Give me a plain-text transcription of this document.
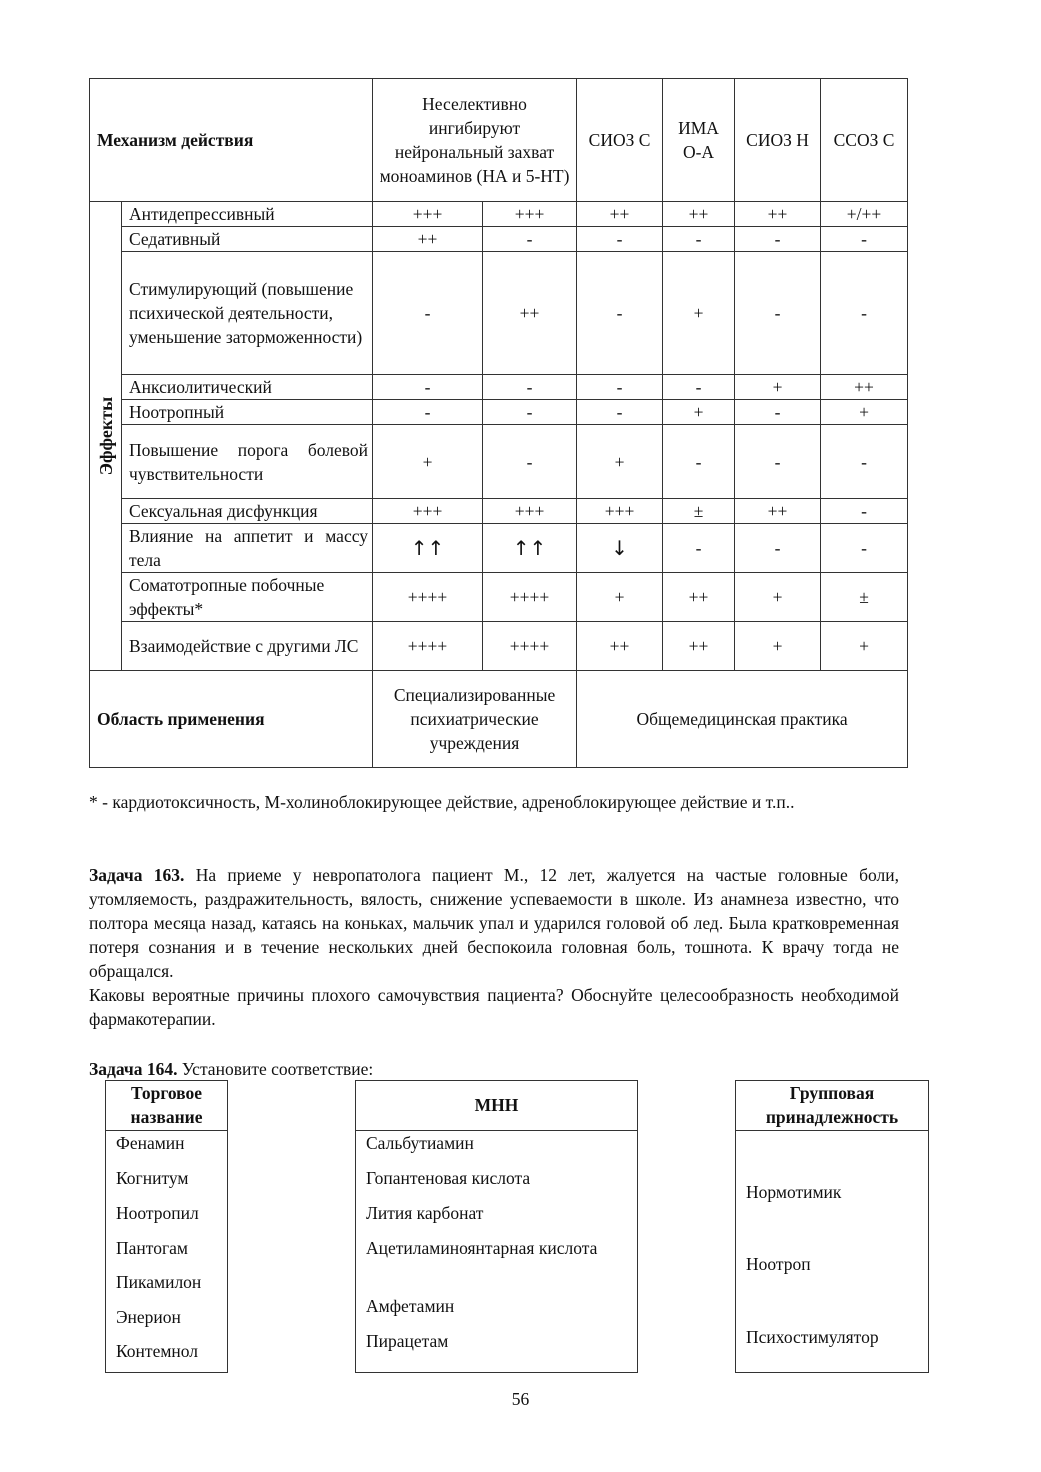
Механизм действия		Неселективно ингибируют нейрональный захват моноаминов (НА и 5-НТ)		СИОЗ С	ИМА О-А	СИОЗ Н	ССОЗ С

Эффекты	Антидепрессивный	+++	+++	++	++	++	+/++
	Седативный	++	-	-	-	-	-
	Стимулирующий (повышение психической деятельности, уменьшение заторможенности)	-	++	-	+	-	-
	Анксиолитический	-	-	-	-	+	++
	Ноотропный	-	-	-	+	-	+
	Повышение порога болевой чувствительности	+	-	+	-	-	-
	Сексуальная дисфункция	+++	+++	+++	±	++	-
	Влияние на аппетит и массу тела	↑↑	↑↑	↓	-	-	-
	Соматотропные побочные эффекты*	++++	++++	+	++	+	±
	Взаимодействие с другими ЛС	++++	++++	++	++	+	+
Область применения		Специализированные психиатрические учреждения		Общемедицинская практика			
* - кардиотоксичность, М-холиноблокирующее действие, адреноблокирующее действие и т.п..

Задача 163. На приеме у невропатолога пациент М., 12 лет, жалуется на частые головные боли, утомляемость, раздражительность, вялость, снижение успеваемости в школе. Из анамнеза известно, что полтора месяца назад, катаясь на коньках, мальчик упал и ударился головой об лед. Была кратковременная потеря сознания и в течение нескольких дней беспокоила головная боль, тошнота. К врачу тогда не обращался.

Каковы вероятные причины плохого самочувствия пациента? Обоснуйте целесообразность необходимой фармакотерапии.

Задача 164. Установите соответствие:
Торговое название
Фенамин
Когнитум
Ноотропил
Пантогам
Пикамилон
Энерион
Контемнол
МНН
Сальбутиамин
Гопантеновая кислота
Лития карбонат
Ацетиламиноянтарная кислота
Амфетамин
Пирацетам
Групповая принадлежность
Нормотимик
Ноотроп
Психостимулятор
56
